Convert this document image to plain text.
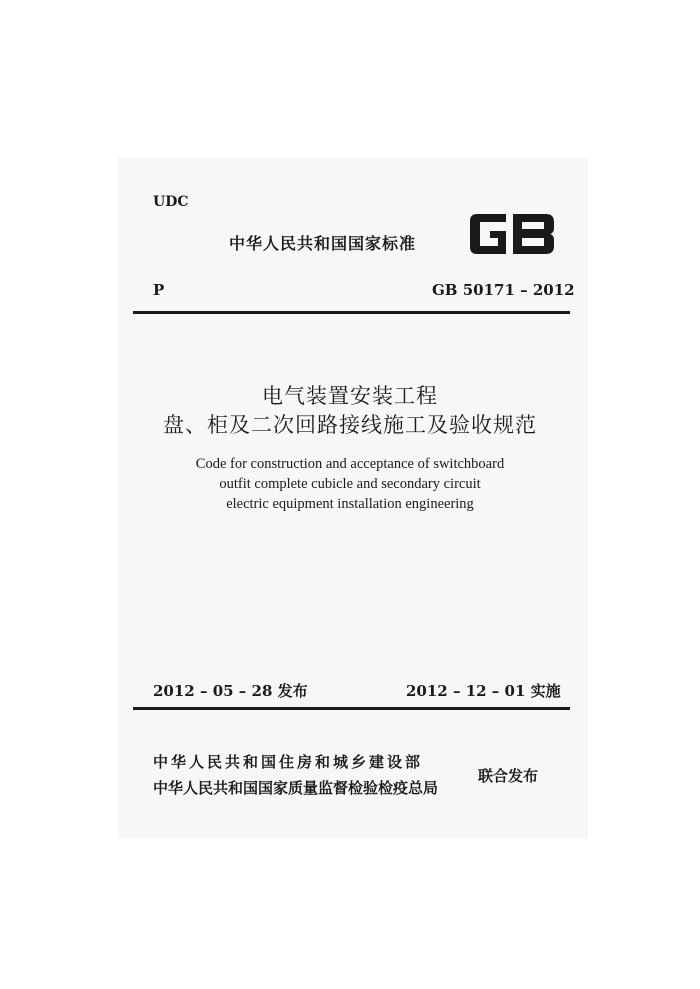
UDC
中华人民共和国国家标准
P	GB 50171 – 2012
电气装置安装工程
盘、柜及二次回路接线施工及验收规范
Code for construction and acceptance of switchboard
outfit complete cubicle and secondary circuit
electric equipment installation engineering
2012 – 05 – 28 发布	2012 – 12 – 01 实施
中华人民共和国住房和城乡建设部
中华人民共和国国家质量监督检验检疫总局
联合发布
